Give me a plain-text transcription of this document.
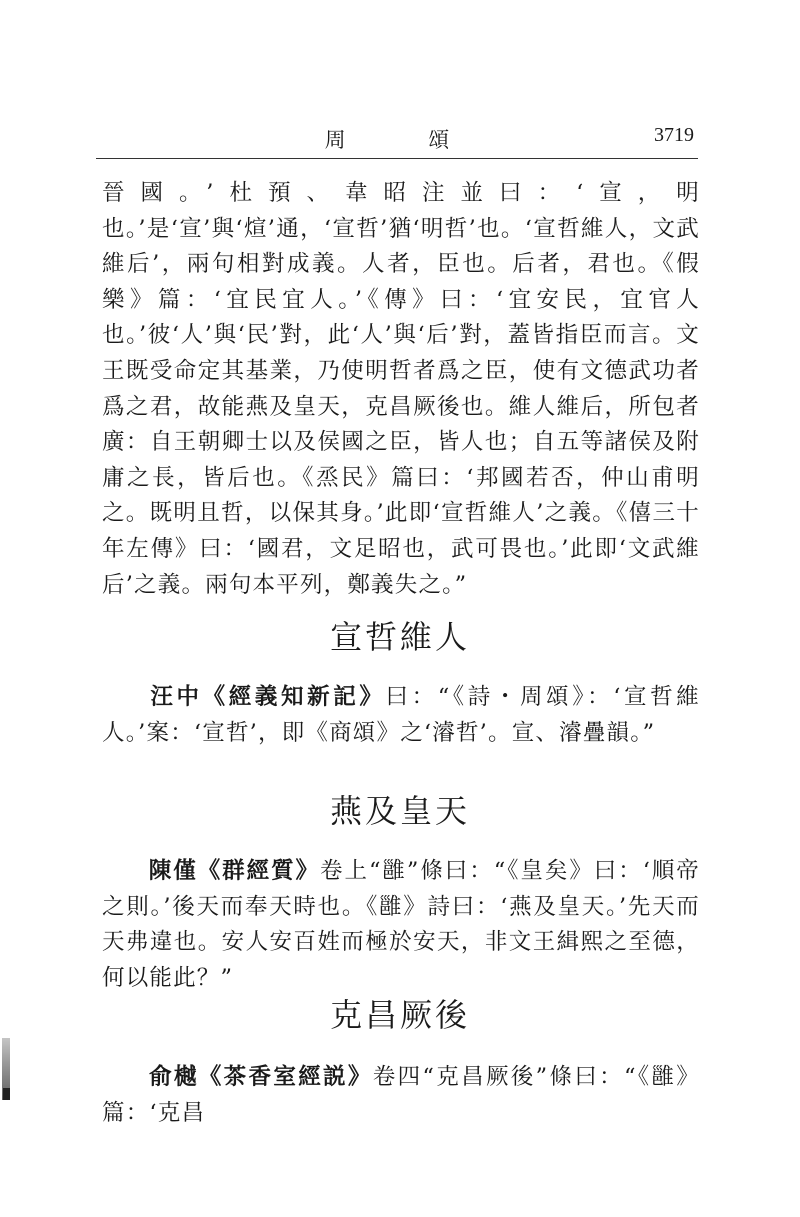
周 頌	3719
晉國。’杜預、韋昭注並曰：‘宣，明也。’是‘宣’與‘煊’通，‘宣哲’猶‘明哲’也。‘宣哲維人，文武維后’，兩句相對成義。人者，臣也。后者，君也。《假樂》篇：‘宜民宜人。’《傳》曰：‘宜安民，宜官人也。’彼‘人’與‘民’對，此‘人’與‘后’對，蓋皆指臣而言。文王既受命定其基業，乃使明哲者爲之臣，使有文德武功者爲之君，故能燕及皇天，克昌厥後也。維人維后，所包者廣：自王朝卿士以及侯國之臣，皆人也；自五等諸侯及附庸之長，皆后也。《烝民》篇曰：‘邦國若否，仲山甫明之。既明且哲，以保其身。’此即‘宣哲維人’之義。《僖三十年左傳》曰：‘國君，文足昭也，武可畏也。’此即‘文武維后’之義。兩句本平列，鄭義失之。”
宣哲維人
汪中《經義知新記》曰：“《詩・周頌》：‘宣哲維人。’案：‘宣哲’，即《商頌》之‘濬哲’。宣、濬疊韻。”
燕及皇天
陳僅《群經質》卷上“雝”條曰：“《皇矣》曰：‘順帝之則。’後天而奉天時也。《雝》詩曰：‘燕及皇天。’先天而天弗違也。安人安百姓而極於安天，非文王緝熙之至德，何以能此？”
克昌厥後
俞樾《茶香室經説》卷四“克昌厥後”條曰：“《雝》篇：‘克昌
